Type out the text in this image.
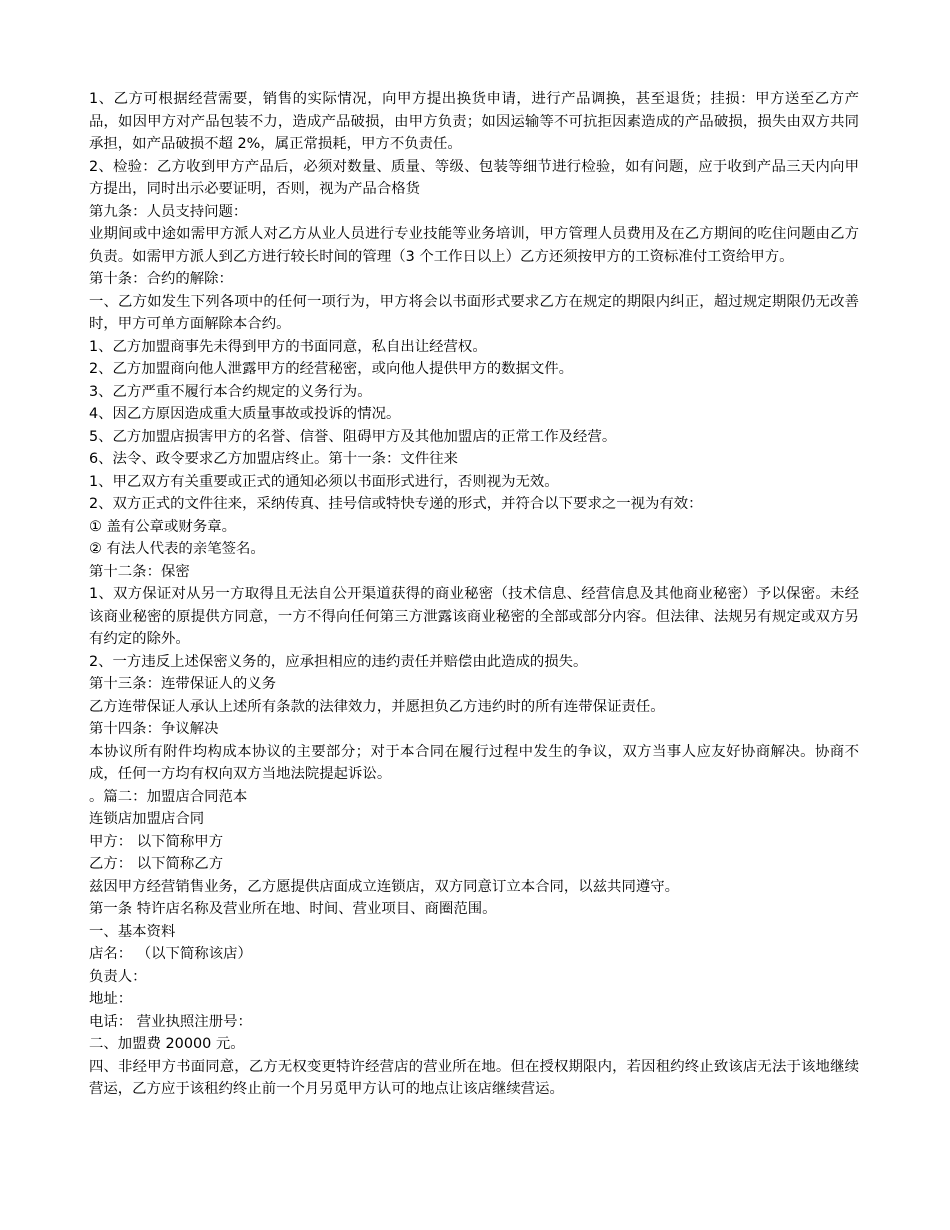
1、乙方可根据经营需要，销售的实际情况，向甲方提出换货申请，进行产品调换，甚至退货；挂损：甲方送至乙方产品，如因甲方对产品包装不力，造成产品破损，由甲方负责；如因运输等不可抗拒因素造成的产品破损，损失由双方共同承担，如产品破损不超 2%，属正常损耗，甲方不负责任。

2、检验：乙方收到甲方产品后，必须对数量、质量、等级、包装等细节进行检验，如有问题，应于收到产品三天内向甲方提出，同时出示必要证明，否则，视为产品合格货

第九条：人员支持问题：

业期间或中途如需甲方派人对乙方从业人员进行专业技能等业务培训，甲方管理人员费用及在乙方期间的吃住问题由乙方负责。如需甲方派人到乙方进行较长时间的管理（3 个工作日以上）乙方还须按甲方的工资标准付工资给甲方。

第十条：合约的解除：

一、乙方如发生下列各项中的任何一项行为，甲方将会以书面形式要求乙方在规定的期限内纠正，超过规定期限仍无改善时，甲方可单方面解除本合约。

1、乙方加盟商事先未得到甲方的书面同意，私自出让经营权。

2、乙方加盟商向他人泄露甲方的经营秘密，或向他人提供甲方的数据文件。

3、乙方严重不履行本合约规定的义务行为。

4、因乙方原因造成重大质量事故或投诉的情况。

5、乙方加盟店损害甲方的名誉、信誉、阻碍甲方及其他加盟店的正常工作及经营。

6、法令、政令要求乙方加盟店终止。第十一条：文件往来

1、甲乙双方有关重要或正式的通知必须以书面形式进行，否则视为无效。

2、双方正式的文件往来，采纳传真、挂号信或特快专递的形式，并符合以下要求之一视为有效：

① 盖有公章或财务章。

② 有法人代表的亲笔签名。

第十二条：保密

1、双方保证对从另一方取得且无法自公开渠道获得的商业秘密（技术信息、经营信息及其他商业秘密）予以保密。未经该商业秘密的原提供方同意，一方不得向任何第三方泄露该商业秘密的全部或部分内容。但法律、法规另有规定或双方另有约定的除外。

2、一方违反上述保密义务的，应承担相应的违约责任并赔偿由此造成的损失。

第十三条：连带保证人的义务

乙方连带保证人承认上述所有条款的法律效力，并愿担负乙方违约时的所有连带保证责任。

第十四条：争议解决

本协议所有附件均构成本协议的主要部分；对于本合同在履行过程中发生的争议，双方当事人应友好协商解决。协商不成，任何一方均有权向双方当地法院提起诉讼。

。篇二：加盟店合同范本

连锁店加盟店合同

甲方： 以下简称甲方

乙方： 以下简称乙方

兹因甲方经营销售业务，乙方愿提供店面成立连锁店，双方同意订立本合同，以兹共同遵守。

第一条 特许店名称及营业所在地、时间、营业项目、商圈范围。

一、基本资料

店名： （以下简称该店）

负责人：

地址：

电话： 营业执照注册号：

二、加盟费 20000 元。

四、非经甲方书面同意，乙方无权变更特许经营店的营业所在地。但在授权期限内，若因租约终止致该店无法于该地继续营运，乙方应于该租约终止前一个月另觅甲方认可的地点让该店继续营运。
